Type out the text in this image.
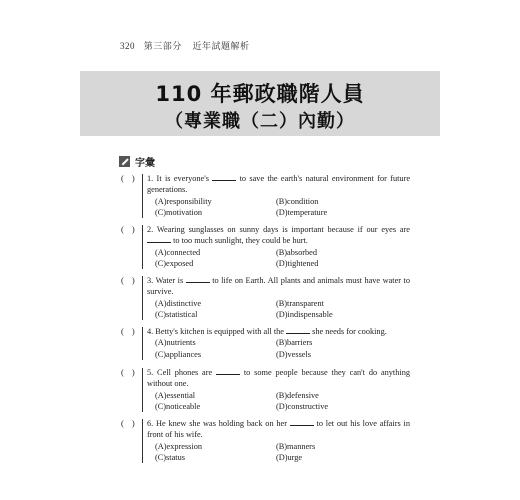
320 第三部分 近年試題解析
110 年郵政職階人員
（專業職（二）內勤）
字彙
( )	1. It is everyone's	to save the earth's natural environment for future generations.
(A)responsibility	(B)condition
(C)motivation	(D)temperature
( )	2. Wearing sunglasses on sunny days is important because if our eyes are to too much sunlight, they could be hurt.
(A)connected	(B)absorbed
(C)exposed	(D)tightened
( )	3. Water is	to life on Earth. All plants and animals must have water to survive.
(A)distinctive	(B)transparent
(C)statistical	(D)indispensable
( )	4. Betty's kitchen is equipped with all the	she needs for cooking.
(A)nutrients	(B)barriers
(C)appliances	(D)vessels
( )	5. Cell phones are	to some people because they can't do anything without one.
(A)essential	(B)defensive
(C)noticeable	(D)constructive
( )	6. He knew she was holding back on her	to let out his love affairs in front of his wife.
(A)expression	(B)manners
(C)status	(D)urge
